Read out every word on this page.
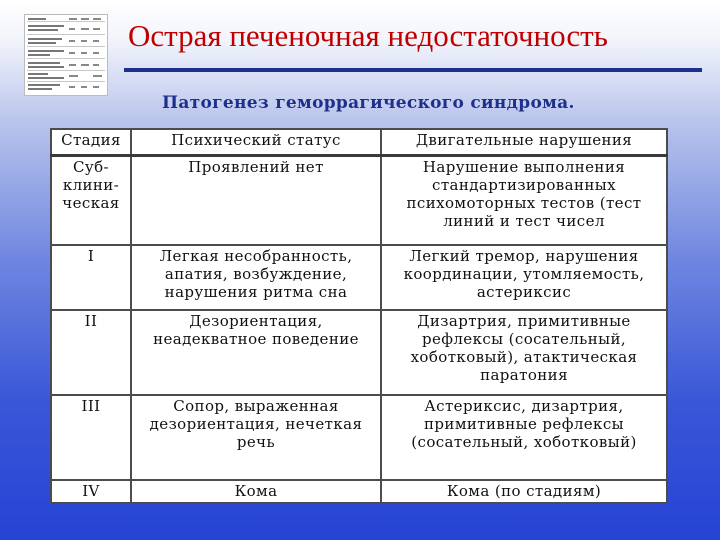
Острая печеночная недостаточность
Патогенез геморрагического синдрома.
Стадия	Психический статус	Двигательные нарушения
Суб-клини-ческая	Проявлений нет	Нарушение выполнения стандартизированных психомоторных тестов (тест линий и тест чисел
I	Легкая несобранность, апатия, возбуждение, нарушения ритма сна	Легкий тремор, нарушения координации, утомляемость, астериксис
II	Дезориентация, неадекватное поведение	Дизартрия, примитивные рефлексы (сосательный, хоботковый), атактическая паратония
III	Сопор, выраженная дезориентация, нечеткая речь	Астериксис, дизартрия, примитивные рефлексы (сосательный, хоботковый)
IV	Кома	Кома (по стадиям)
